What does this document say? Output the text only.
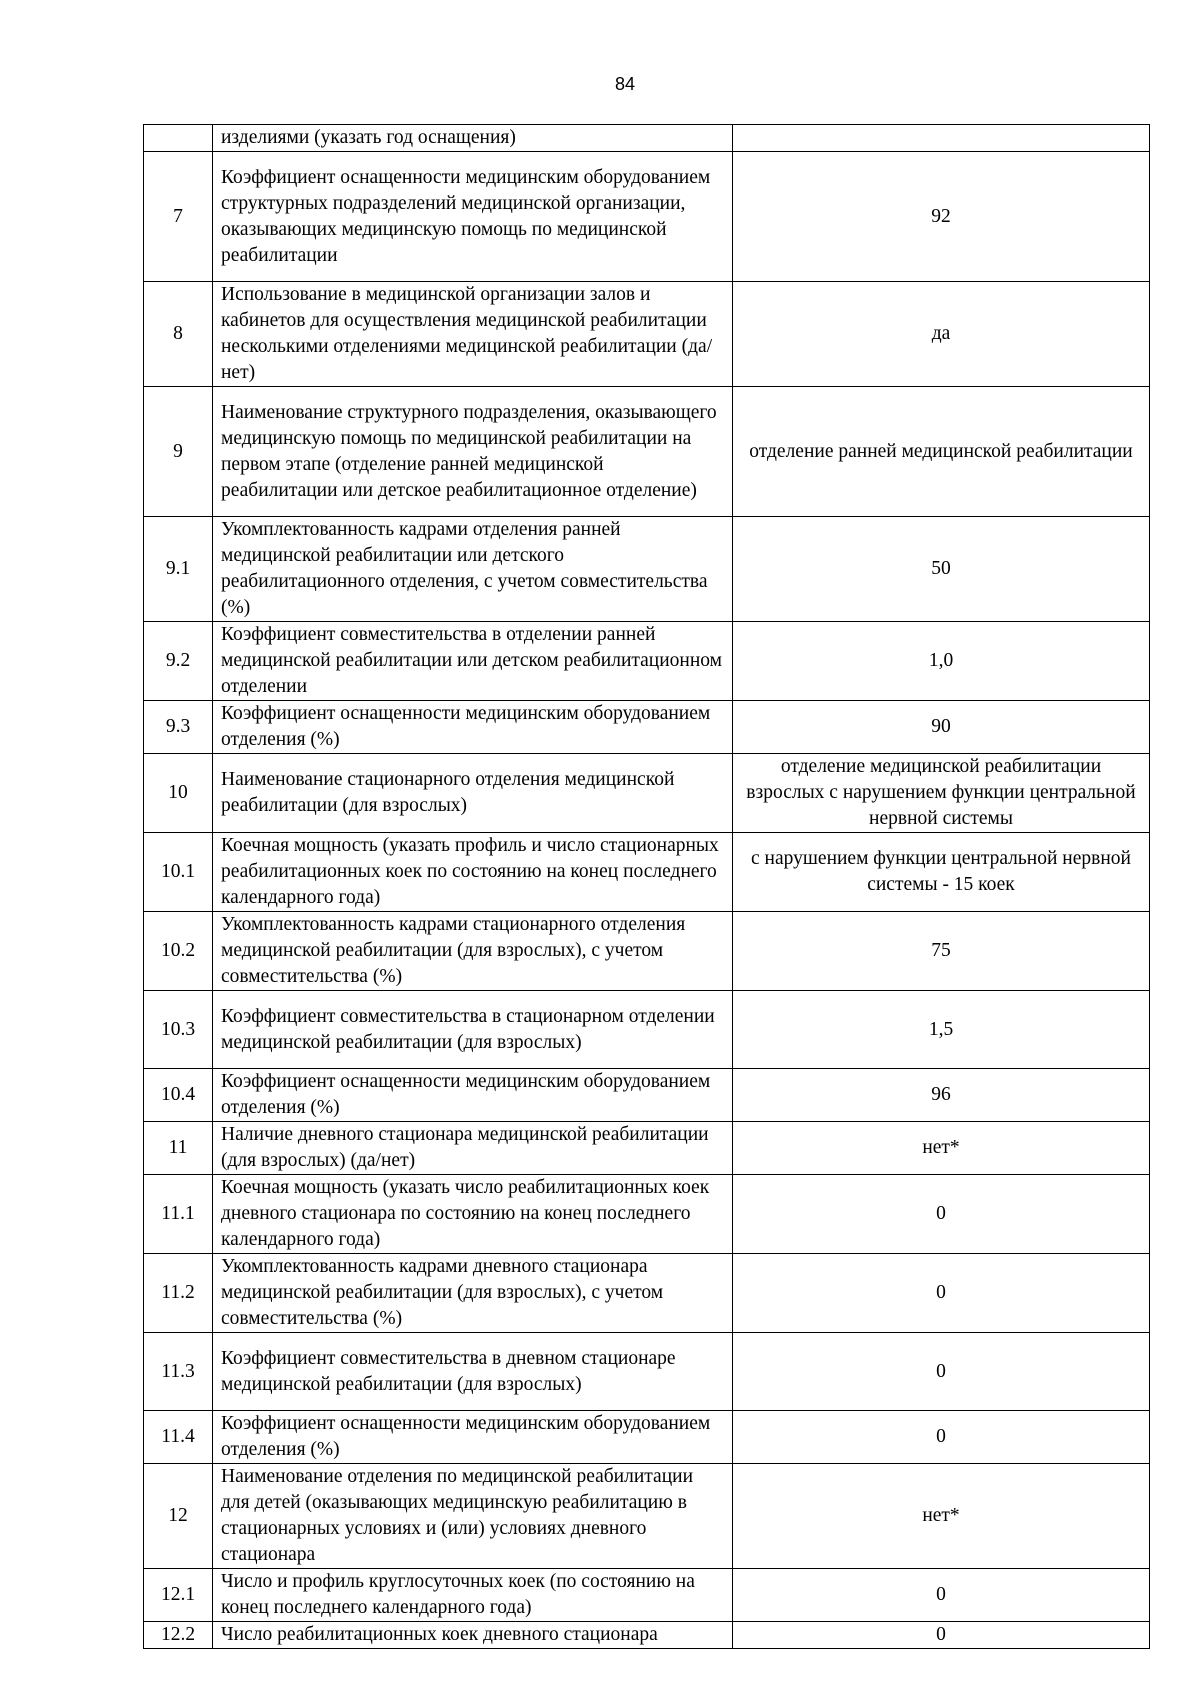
84
	изделиями (указать год оснащения)	
7	Коэффициент оснащенности медицинским оборудованием структурных подразделений медицинской организации, оказывающих медицинскую помощь по медицинской реабилитации	92
8	Использование в медицинской организации залов и кабинетов для осуществления медицинской реабилитации несколькими отделениями медицинской реабилитации (да/нет)	да
9	Наименование структурного подразделения, оказывающего медицинскую помощь по медицинской реабилитации на первом этапе (отделение ранней медицинской реабилитации или детское реабилитационное отделение)	отделение ранней медицинской реабилитации
9.1	Укомплектованность кадрами отделения ранней медицинской реабилитации или детского реабилитационного отделения, с учетом совместительства (%)	50
9.2	Коэффициент совместительства в отделении ранней медицинской реабилитации или детском реабилитационном отделении	1,0
9.3	Коэффициент оснащенности медицинским оборудованием отделения (%)	90
10	Наименование стационарного отделения медицинской реабилитации (для взрослых)	отделение медицинской реабилитации взрослых с нарушением функции центральной нервной системы
10.1	Коечная мощность (указать профиль и число стационарных реабилитационных коек по состоянию на конец последнего календарного года)	с нарушением функции центральной нервной системы - 15 коек
10.2	Укомплектованность кадрами стационарного отделения медицинской реабилитации (для взрослых), с учетом совместительства (%)	75
10.3	Коэффициент совместительства в стационарном отделении медицинской реабилитации (для взрослых)	1,5
10.4	Коэффициент оснащенности медицинским оборудованием отделения (%)	96
11	Наличие дневного стационара медицинской реабилитации (для взрослых) (да/нет)	нет*
11.1	Коечная мощность (указать число реабилитационных коек дневного стационара по состоянию на конец последнего календарного года)	0
11.2	Укомплектованность кадрами дневного стационара медицинской реабилитации (для взрослых), с учетом совместительства (%)	0
11.3	Коэффициент совместительства в дневном стационаре медицинской реабилитации (для взрослых)	0
11.4	Коэффициент оснащенности медицинским оборудованием отделения (%)	0
12	Наименование отделения по медицинской реабилитации для детей (оказывающих медицинскую реабилитацию в стационарных условиях и (или) условиях дневного стационара	нет*
12.1	Число и профиль круглосуточных коек (по состоянию на конец последнего календарного года)	0
12.2	Число реабилитационных коек дневного стационара	0
